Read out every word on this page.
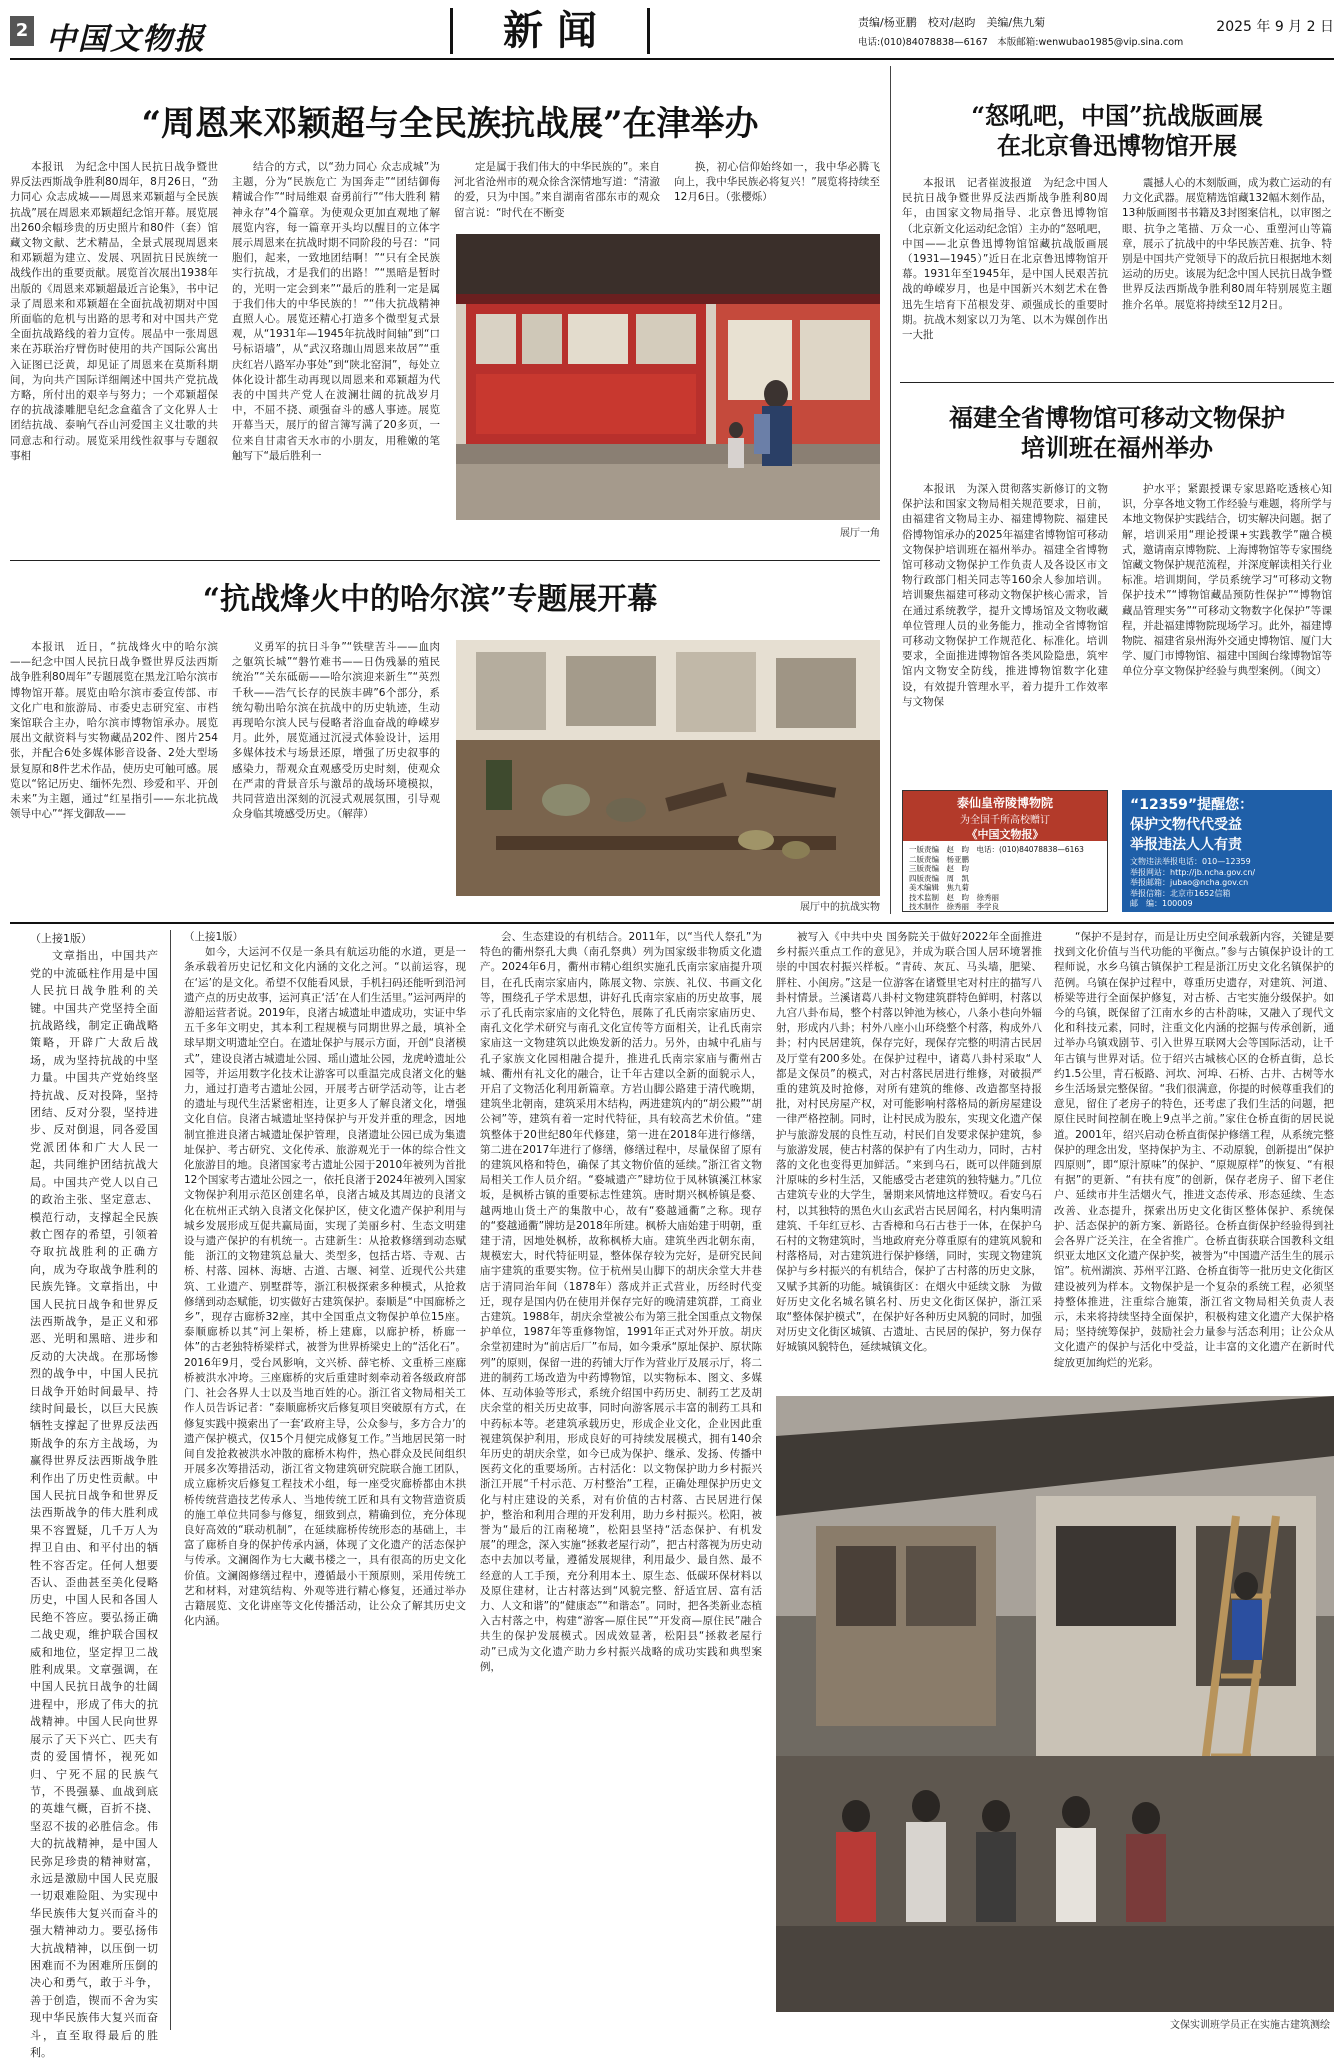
2 中国文物报	新 闻	责编/杨亚鹏　校对/赵昀　美编/焦九菊
电话:(010)84078838—6167　本版邮箱:wenwubao1985@vip.sina.com
2025 年 9 月 2 日
“周恩来邓颖超与全民族抗战展”在津举办

本报讯　为纪念中国人民抗日战争暨世界反法西斯战争胜利80周年，8月26日，“劲力同心 众志成城——周恩来邓颖超与全民族抗战”展在周恩来邓颖超纪念馆开幕。展览展出260余幅珍贵的历史照片和80件（套）馆藏文物文献、艺术精品，全景式展现周恩来和邓颖超为建立、发展、巩固抗日民族统一战线作出的重要贡献。展览首次展出1938年出版的《周恩来邓颖超最近言论集》，书中记录了周恩来和邓颖超在全面抗战初期对中国所面临的危机与出路的思考和对中国共产党全面抗战路线的着力宣传。展品中一张周恩来在苏联治疗臂伤时使用的共产国际公寓出入证图已泛黄，却见证了周恩来在莫斯科期间，为向共产国际详细阐述中国共产党抗战方略，所付出的艰辛与努力；一个邓颖超保存的抗战漆雕肥皂纪念盒蕴含了文化界人士团结抗战、泰响气吞山河爱国主义壮歌的共同意志和行动。展览采用线性叙事与专题叙事相

结合的方式，以“劲力同心 众志成城”为主题，分为“民族危亡 为国奔走”“团结御侮 精诚合作”“时局维艰 奋勇前行”“伟大胜利 精神永存”4个篇章。为使观众更加直观地了解展览内容，每一篇章开头均以醒目的立体字展示周恩来在抗战时期不同阶段的号召：“同胞们，起来，一致地团结啊！”“只有全民族实行抗战，才是我们的出路！”“黑暗是暂时的，光明一定会到来”“最后的胜利一定是属于我们伟大的中华民族的！”“伟大抗战精神直照人心。展览还精心打造多个微型复式景观，从“1931年—1945年抗战时间轴”到“口号标语墙”，从“武汉珞珈山周恩来故居”“重庆红岩八路军办事处”到“陕北窑洞”，每处立体化设计都生动再现以周恩来和邓颖超为代表的中国共产党人在波澜壮阔的抗战岁月中，不屈不挠、顽强奋斗的感人事迹。展览开幕当天，展厅的留言簿写满了20多页，一位来自甘肃省天水市的小朋友，用稚嫩的笔触写下“最后胜利一

定是属于我们伟大的中华民族的”。来自河北省沧州市的观众徐含深情地写道：“清澈的爱，只为中国。”来自湖南省邵东市的观众留言说：“时代在不断变

换，初心信仰始终如一，我中华必腾飞向上，我中华民族必将复兴！”展览将持续至12月6日。（张樱烁）

展厅一角
“抗战烽火中的哈尔滨”专题展开幕

本报讯　近日，“抗战烽火中的哈尔滨——纪念中国人民抗日战争暨世界反法西斯战争胜利80周年”专题展览在黑龙江哈尔滨市博物馆开幕。展览由哈尔滨市委宣传部、市文化广电和旅游局、市委史志研究室、市档案馆联合主办，哈尔滨市博物馆承办。展览展出文献资料与实物藏品202件、图片254张，并配合6处多媒体影音设备、2处大型场景复原和8件艺术作品，使历史可触可感。展览以“铭记历史、缅怀先烈、珍爱和平、开创未来”为主题，通过“红星指引——东北抗战领导中心”“挥戈御敌——

义勇军的抗日斗争”“铁壁苦斗——血肉之躯筑长城”“磐竹难书——日伪残暴的殖民统治”“关东砥砺——哈尔滨迎来新生”“英烈千秋——浩气长存的民族丰碑”6个部分，系统勾勒出哈尔滨在抗战中的历史轨迹，生动再现哈尔滨人民与侵略者浴血奋战的峥嵘岁月。此外，展览通过沉浸式体验设计，运用多媒体技术与场景还原，增强了历史叙事的感染力，帮观众直观感受历史时刻，使观众在严肃的背景音乐与激昂的战场环境模拟，共同营造出深刻的沉浸式观展氛围，引导观众身临其境感受历史。（解萍）

展厅中的抗战实物
“怒吼吧，中国”抗战版画展
在北京鲁迅博物馆开展

本报讯　记者崔波报道　为纪念中国人民抗日战争暨世界反法西斯战争胜利80周年，由国家文物局指导、北京鲁迅博物馆（北京新文化运动纪念馆）主办的“怒吼吧，中国——北京鲁迅博物馆馆藏抗战版画展（1931—1945）”近日在北京鲁迅博物馆开幕。1931年至1945年，是中国人民艰苦抗战的峥嵘岁月，也是中国新兴木刻艺术在鲁迅先生培育下茁根发芽、顽强成长的重要时期。抗战木刻家以刀为笔、以木为媒创作出一大批

震撼人心的木刻版画，成为救亡运动的有力文化武器。展览精选馆藏132幅木刻作品，13种版画图书书籍及3封图案信札，以审图之眼、抗争之笔描、万众一心、重塑河山等篇章，展示了抗战中的中华民族苦难、抗争、特别是中国共产党领导下的敌后抗日根据地木刻运动的历史。该展为纪念中国人民抗日战争暨世界反法西斯战争胜利80周年特别展览主题推介名单。展览将持续至12月2日。

福建全省博物馆可移动文物保护
培训班在福州举办

本报讯　为深入贯彻落实新修订的文物保护法和国家文物局相关规范要求，日前，由福建省文物局主办、福建博物院、福建民俗博物馆承办的2025年福建省博物馆可移动文物保护培训班在福州举办。福建全省博物馆可移动文物保护工作负责人及各设区市文物行政部门相关同志等160余人参加培训。培训聚焦福建可移动文物保护核心需求，旨在通过系统教学，提升文博场馆及文物收藏单位管理人员的业务能力，推动全省博物馆可移动文物保护工作规范化、标准化。培训要求，全面推进博物馆各类风险隐患，筑牢馆内文物安全防线，推进博物馆数字化建设，有效提升管理水平，着力提升工作效率与文物保

护水平；紧跟授课专家思路吃透核心知识，分享各地文物工作经验与难题，将所学与本地文物保护实践结合，切实解决问题。据了解，培训采用“理论授课+实践教学”融合模式，邀请南京博物院、上海博物馆等专家围绕馆藏文物保护规范流程，并深度解读相关行业标准。培训期间，学员系统学习“可移动文物保护技术”“博物馆藏品预防性保护”“博物馆藏品管理实务”“可移动文物数字化保护”等课程，并赴福建博物院现场学习。此外，福建博物院、福建省泉州海外交通史博物馆、厦门大学、厦门市博物馆、福建中国闽台缘博物馆等单位分享文物保护经验与典型案例。（闽文）

泰仙皇帝陵博物院
为全国千所高校赠订
《中国文物报》
一版责编　赵　昀　电话：(010)84078838—6163
二版责编　杨亚鹏
三版责编　赵　昀
四版责编　周　凯
美术编辑　焦九菊
技术监制　赵　昀　徐秀丽
技术制作　徐秀丽　李学良
“12359”提醒您：
保护文物代代受益
举报违法人人有责
文物违法举报电话：010—12359
举报网站：http://jb.ncha.gov.cn/
举报邮箱：jubao@ncha.gov.cn
举报信箱：北京市1652信箱
邮　编：100009
（上接1版）

文章指出，中国共产党的中流砥柱作用是中国人民抗日战争胜利的关键。中国共产党坚持全面抗战路线，制定正确战略策略，开辟广大敌后战场，成为坚持抗战的中坚力量。中国共产党始终坚持抗战、反对投降，坚持团结、反对分裂，坚持进步、反对倒退，同各爱国党派团体和广大人民一起，共同维护团结抗战大局。中国共产党人以自己的政治主张、坚定意志、模范行动，支撑起全民族救亡图存的希望，引领着夺取抗战胜利的正确方向，成为夺取战争胜利的民族先锋。文章指出，中国人民抗日战争和世界反法西斯战争，是正义和邪恶、光明和黑暗、进步和反动的大决战。在那场惨烈的战争中，中国人民抗日战争开始时间最早、持续时间最长，以巨大民族牺牲支撑起了世界反法西斯战争的东方主战场，为赢得世界反法西斯战争胜利作出了历史性贡献。中国人民抗日战争和世界反法西斯战争的伟大胜利成果不容置疑，几千万人为捍卫自由、和平付出的牺牲不容否定。任何人想要否认、歪曲甚至美化侵略历史，中国人民和各国人民绝不答应。要弘扬正确二战史观，维护联合国权威和地位，坚定捍卫二战胜利成果。文章强调，在中国人民抗日战争的壮阔进程中，形成了伟大的抗战精神。中国人民向世界展示了天下兴亡、匹夫有责的爱国情怀，视死如归、宁死不屈的民族气节，不畏强暴、血战到底的英雄气概，百折不挠、坚忍不拔的必胜信念。伟大的抗战精神，是中国人民弥足珍贵的精神财富，永远是激励中国人民克服一切艰难险阻、为实现中华民族伟大复兴而奋斗的强大精神动力。要弘扬伟大抗战精神，以压倒一切困难而不为困难所压倒的决心和勇气，敢于斗争，善于创造，锲而不舍为实现中华民族伟大复兴而奋斗，直至取得最后的胜利。

（上接1版）

如今，大运河不仅是一条具有航运功能的水道，更是一条承载着历史记忆和文化内涵的文化之河。“以前运容，现在‘运’的是文化。希望不仅能看风景，手机扫码还能听到沿河遗产点的历史故事，运河真正‘活’在人们生活里。”运河两岸的游船运营者说。2019年，良渚古城遗址申遗成功，实证中华五千多年文明史，其本利工程规模与同期世界之最，填补全球早期文明遗址空白。在遗址保护与展示方面，开创“良渚模式”，建设良渚古城遗址公园、瑶山遗址公园，龙虎岭遗址公园等，并运用数字化技术让游客可以重温完成良渚文化的魅力，通过打造考古遗址公园，开展考古研学活动等，让古老的遗址与现代生活紧密相连，让更多人了解良渚文化，增强文化自信。良渚古城遗址坚持保护与开发并重的理念，因地制宜推进良渚古城遗址保护管理，良渚遗址公园已成为集遗址保护、考古研究、文化传承、旅游观光于一体的综合性文化旅游目的地。良渚国家考古遗址公园于2010年被列为首批12个国家考古遗址公园之一，依托良渚于2024年被列入国家文物保护利用示范区创建名单，良渚古城及其周边的良渚文化在杭州正式纳入良渚文化保护区，使文化遗产保护利用与城乡发展形成互促共赢局面，实现了美丽乡村、生态文明建设与遗产保护的有机统一。古建新生：从抢救修缮到动态赋能　浙江的文物建筑总量大、类型多，包括古塔、寺观、古桥、村落、园林、海塘、古道、古堰、祠堂、近现代公共建筑、工业遗产、别墅群等，浙江积极探索多种模式，从抢救修缮到动态赋能，切实做好古建筑保护。泰顺是“中国廊桥之乡”，现存古廊桥32座，其中全国重点文物保护单位15座。泰顺廊桥以其“河上架桥，桥上建廊，以廊护桥，桥廊一体”的古老独特桥梁样式，被誉为世界桥梁史上的“活化石”。2016年9月，受台风影响，文兴桥、薛宅桥、文重桥三座廊桥被洪水冲垮。三座廊桥的灾后重建时刻牵动着各级政府部门、社会各界人士以及当地百姓的心。浙江省文物局相关工作人员告诉记者：“泰顺廊桥灾后修复项目突破原有方式，在修复实践中摸索出了一套‘政府主导，公众参与，多方合力’的遗产保护模式，仅15个月便完成修复工作。”当地居民第一时间自发抢救被洪水冲散的廊桥木构件，热心群众及民间组织开展多次筹措活动，浙江省文物建筑研究院联合施工团队，成立廊桥灾后修复工程技术小组，每一座受灾廊桥都由木拱桥传统营造技艺传承人、当地传统工匠和具有文物营造资质的施工单位共同参与修复，细致到点，精确到位，充分体现良好高效的“联动机制”，在延续廊桥传统形态的基础上，丰富了廊桥自身的保护传承内涵，体现了文化遗产的活态保护与传承。文澜阁作为七大藏书楼之一，具有很高的历史文化价值。文澜阁修缮过程中，遵循最小干预原则，采用传统工艺和材料，对建筑结构、外观等进行精心修复，还通过举办古籍展览、文化讲座等文化传播活动，让公众了解其历史文化内涵。

会、生态建设的有机结合。2011年，以“当代人祭孔”为特色的衢州祭孔大典（南孔祭典）列为国家级非物质文化遗产。2024年6月，衢州市精心组织实施孔氏南宗家庙提升项目，在孔氏南宗家庙内，陈展文物、宗族、礼仪、书画文化等，围绕孔子学术思想，讲好孔氏南宗家庙的历史故事，展示了孔氏南宗家庙的文化特色，展陈了孔氏南宗家庙历史、南孔文化学术研究与南孔文化宣传等方面相关，让孔氏南宗家庙这一文物建筑以此焕发新的活力。另外，由城中孔庙与孔子家族文化园相融合提升，推进孔氏南宗家庙与衢州古城、衢州有礼文化的融合，让千年古建以全新的面貌示人，开启了文物活化利用新篇章。方岩山脚公路建于清代晚期，建筑坐北朝南，建筑采用木结构，两进建筑内的“胡公殿”“胡公祠”等，建筑有着一定时代特征，具有较高艺术价值。“建筑整体于20世纪80年代修建，第一进在2018年进行修缮，第二进在2017年进行了修缮，修缮过程中，尽量保留了原有的建筑风格和特色，确保了其文物价值的延续。”浙江省文物局相关工作人员介绍。“婺城遗产”肆坊位于凤林镇溪江林家坂，是枫桥古镇的重要标志性建筑。唐时期兴枫桥镇是婺、越两地山货土产的集散中心，故有“婺越通衢”之称。现存的“婺越通衢”牌坊是2018年所建。枫桥大庙始建于明朝，重建于清，因地处枫桥，故称枫桥大庙。建筑坐西北朝东南，规模宏大，时代特征明显，整体保存较为完好，是研究民间庙宇建筑的重要实物。位于杭州吴山脚下的胡庆余堂大井巷店于清同治年间（1878年）落成并正式营业，历经时代变迁，现存是国内仍在使用并保存完好的晚清建筑群，工商业古建筑。1988年，胡庆余堂被公布为第三批全国重点文物保护单位，1987年等重修物馆，1991年正式对外开放。胡庆余堂初建时为“前店后厂”布局，如今秉承“原址保护、原状陈列”的原则，保留一进的药铺大厅作为营业厅及展示厅，将二进的制药工场改造为中药博物馆，以实物标本、图文、多媒体、互动体验等形式，系统介绍国中药历史、制药工艺及胡庆余堂的相关历史故事，同时向游客展示丰富的制药工具和中药标本等。老建筑承载历史，形成企业文化，企业因此重视建筑保护利用，形成良好的可持续发展模式，拥有140余年历史的胡庆余堂，如今已成为保护、继承、发扬、传播中医药文化的重要场所。古村活化：以文物保护助力乡村振兴　浙江开展“千村示范、万村整治”工程，正确处理保护历史文化与村庄建设的关系，对有价值的古村落、古民居进行保护，整治和利用合理的开发利用，助力乡村振兴。松阳，被誉为“最后的江南秘境”，松阳县坚持“活态保护、有机发展”的理念，深入实施“拯救老屋行动”，把古村落视为历史动态中去加以考量，遵循发展规律，利用最少、最自然、最不经意的人工手预，充分利用本土、原生态、低碳环保材料以及原住建材，让古村落达到“风貌完整、舒适宜居、富有活力、人文和谐”的“健康态”“和谐态”。同时，把各类新业态植入古村落之中，构建“游客—原住民”“开发商—原住民”融合共生的保护发展模式。因成效显著，松阳县“拯救老屋行动”已成为文化遗产助力乡村振兴战略的成功实践和典型案例，

被写入《中共中央 国务院关于做好2022年全面推进乡村振兴重点工作的意见》，并成为联合国人居环境署推崇的中国农村振兴样板。“青砖、灰瓦、马头墙，肥梁、胖柱、小闺房。”这是一位游客在诸暨里宅对村庄的描写八卦村情景。兰溪诸葛八卦村文物建筑群特色鲜明，村落以九宫八卦布局，整个村落以钟池为核心，八条小巷向外辐射，形成内八卦；村外八座小山环绕整个村落，构成外八卦；村内民居建筑，保存完好，现保存完整的明清古民居及厅堂有200多处。在保护过程中，诸葛八卦村采取“人都是文保员”的模式，对古村落民居进行维修，对破损严重的建筑及时抢修，对所有建筑的维修、改造都坚持报批，对村民房屋产权，对可能影响村落格局的新房屋建设一律严格控制。同时，让村民成为股东，实现文化遗产保护与旅游发展的良性互动，村民们自发要求保护建筑，参与旅游发展，使古村落的保护有了内生动力，同时，古村落的文化也变得更加鲜活。“来到乌石，既可以伴随到原汁原味的乡村生活，又能感受古老建筑的独特魅力。”几位古建筑专业的大学生，暑期来风情地这样赞叹。看安乌石村，以其独特的黑色火山玄武岩古民居闻名，村内集明清建筑、千年红豆杉、古香樟和乌石古巷于一体，在保护乌石村的文物建筑时，当地政府充分尊重原有的建筑风貌和村落格局，对古建筑进行保护修缮，同时，实现文物建筑保护与乡村振兴的有机结合，保护了古村落的历史文脉，又赋予其新的功能。城镇街区：在烟火中延续文脉　为做好历史文化名城名镇名村、历史文化街区保护，浙江采取“整体保护模式”，在保护好各种历史风貌的同时，加强对历史文化街区城镇、古遗址、古民居的保护，努力保存好城镇风貌特色，延续城镇文化。

“保护不是封存，而是让历史空间承载新内容，关键是要找到文化价值与当代功能的平衡点。”参与古镇保护设计的工程师说，水乡乌镇古镇保护工程是浙江历史文化名镇保护的范例。乌镇在保护过程中，尊重历史遗存，对建筑、河道、桥梁等进行全面保护修复，对古桥、古宅实施分级保护。如今的乌镇，既保留了江南水乡的古朴韵味，又融入了现代文化和科技元素，同时，注重文化内涵的挖掘与传承创新，通过举办乌镇戏剧节、引入世界互联网大会等国际活动，让千年古镇与世界对话。位于绍兴古城核心区的仓桥直街，总长约1.5公里，青石板路、河坎、河埠、石桥、古井、古树等水乡生活场景完整保留。“我们很满意，你提的时候尊重我们的意见，留住了老房子的特色，还考虑了我们生活的问题，把原住民时间控制在晚上9点半之前。”家住仓桥直街的居民说道。2001年，绍兴启动仓桥直街保护修缮工程，从系统完整保护的理念出发，坚持保护为主、不动原貌，创新提出“保护四原则”，即“原汁原味”的保护、“原规原样”的恢复、“有根有据”的更新、“有扶有度”的创新，保存老房子、留下老住户、延续市井生活烟火气，推进文态传承、形态延续、生态改善、业态提升，探索出历史文化街区整体保护、系统保护、活态保护的新方案、新路径。仓桥直街保护经验得到社会各界广泛关注，在全省推广。仓桥直街获联合国教科文组织亚太地区文化遗产保护奖，被誉为“中国遗产活生生的展示馆”。杭州湖滨、苏州平江路、仓桥直街等一批历史文化街区建设被列为样本。文物保护是一个复杂的系统工程，必须坚持整体推进，注重综合施策，浙江省文物局相关负责人表示，未来将持续坚持全面保护，积极构建文化遗产大保护格局；坚持统筹保护，鼓励社会力量参与活态利用；让公众从文化遗产的保护与活化中受益，让丰富的文化遗产在新时代绽放更加绚烂的光彩。

文保实训班学员正在实施古建筑测绘
